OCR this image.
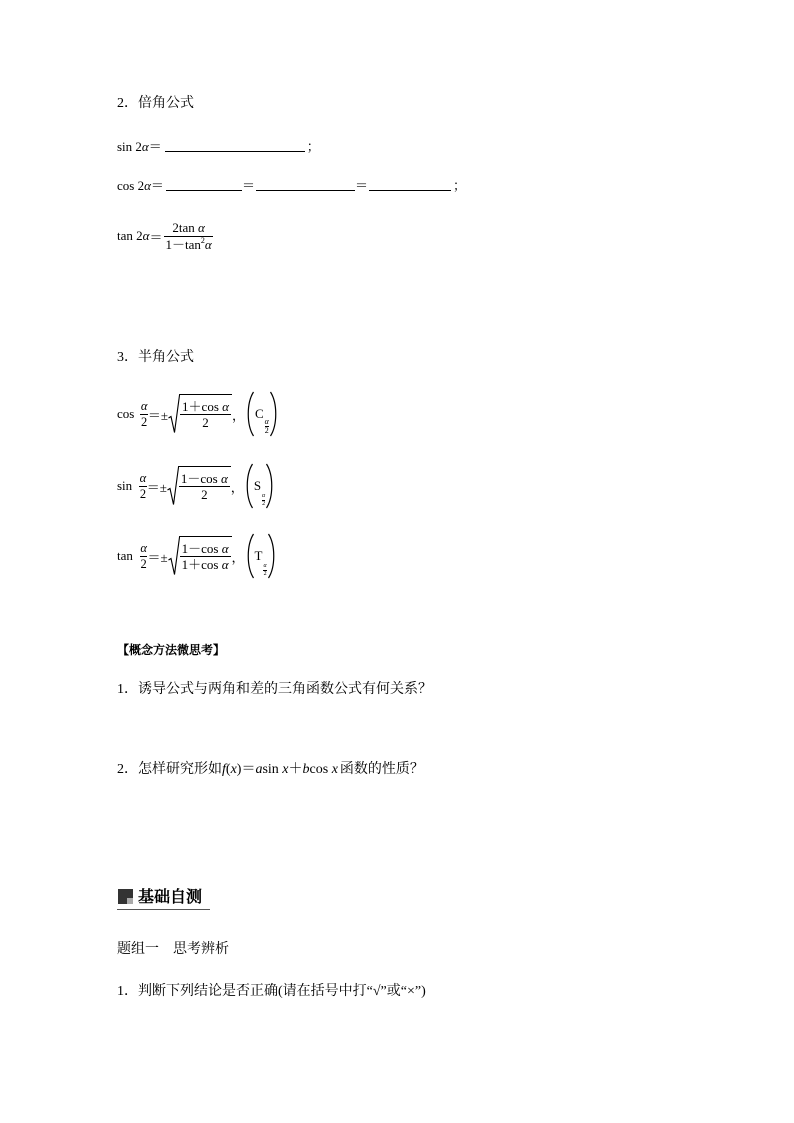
2．倍角公式
sin 2 α ＝	；
cos 2 α ＝	＝	＝	；
tan 2 $\alpha = \frac{\text{2tan α}}{1-\tan^2\alpha}$
3．半角公式
$\cos \frac{\alpha}{2} =\pm \frac{\text{1＋cos α}}{2}$ ， C
$\frac{\alpha}{2}$
$\sin \frac{\alpha}{2} =\pm \frac{\text{1－cos α}}{2}$ ， S
$\frac{\alpha}{2}$
$\tan \frac{\alpha}{2} =\pm \frac{\text{1－cos α}}{\text{1＋cos α}}$ ， T
$\frac{\alpha}{2}$
【概念方法微思考】
1．诱导公式与两角和差的三角函数公式有何关系？
2．怎样研究形如 f ( x )＝ a sin x ＋ b cos x 函数的性质？
基础自测
题组一　思考辨析
1．判断下列结论是否正确(请在括号中打“√”或“×”)
